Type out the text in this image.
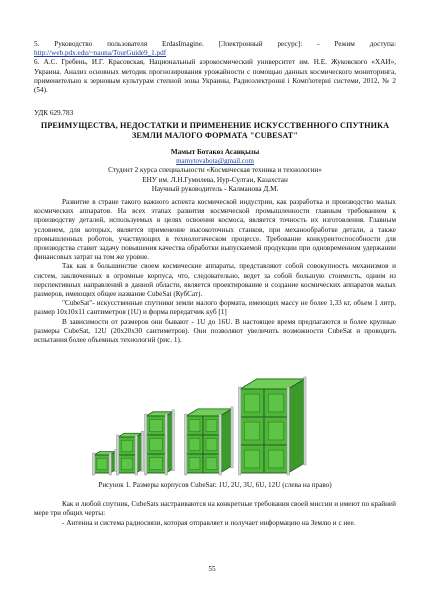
5. Руководство пользователя ErdasImagine. [Электронный ресурс]: - Режим доступа: http://web.pdx.edu/~nauna/TourGuide9_1.pdf

6. А.С. Гребень, И.Г. Красовская, Национальный аэрокосмический университет им. Н.Е. Жуковского «ХАИ», Украина. Анализ основных методик прогнозирования урожайности с помощью данных космического мониторинга, применительно к зерновым культурам степной зоны Украины, Радиоэлектронні і Комп'ютерні системи, 2012, № 2 (54).

УДК 629.783
ПРЕИМУЩЕСТВА, НЕДОСТАТКИ И ПРИМЕНЕНИЕ ИСКУССТВЕННОГО СПУТНИКА ЗЕМЛИ МАЛОГО ФОРМАТА "CUBESAT"
Мамыт Ботакөз Асанқызы
mamytovabota@gmail.com
Студент 2 курса специальности «Космическая техника и технологии»
ЕНУ им. Л.Н.Гумилева, Нур-Султан, Казахстан
Научный руководитель - Калманова Д.М.

Развитие в стране такого важного аспекта космической индустрии, как разработка и производство малых космических аппаратов. На всех этапах развития космической промышленности главным требованием к производству деталей, используемых в целях освоения космоса, является точность их изготовления. Главным условием, для которых, является применение высокоточных станков, при механообработке детали, а также промышленных роботов, участвующих в технологическом процессе. Требование конкурентоспособности для производства ставит задачу повышения качества обработки выпускаемой продукции при одновременном удержании финансовых затрат на том же уровне.

Так как в большинстве своем космические аппараты, представляют собой совокупность механизмов и систем, заключенных в огромные корпуса, что, следовательно, ведет за собой большую стоимость, одним из перспективных направлений в данной области, является проектирование и создание космических аппаратов малых размеров, имеющих общее название CubeSat (КубСат).

"CubeSat"- искусственные спутники земли малого формата, имеющих массу не более 1,33 кг, объем 1 литр, размер 10х10х11 сантиметров (1U) и форма передатчик куб [1]

В зависимости от размеров они бывают - 1U до 16U. В настоящее время предпагаются и более крупные размеры CubeSat, 12U (20х20х30 сантиметров). Они позволяют увеличить возможности CubeSat и проводить испытания более объемных технологий (рис. 1).

Рисунок 1. Размеры корпусов CubeSat: 1U, 2U, 3U, 6U, 12U (слева на право)

Как и любой спутник, CubeSats настраиваются на конкретные требования своей миссии и имеют по крайней мере три общих черты:

- Антенна и система радиосвязи, которая отправляет и получает информацию на Землю и с нее.

55
